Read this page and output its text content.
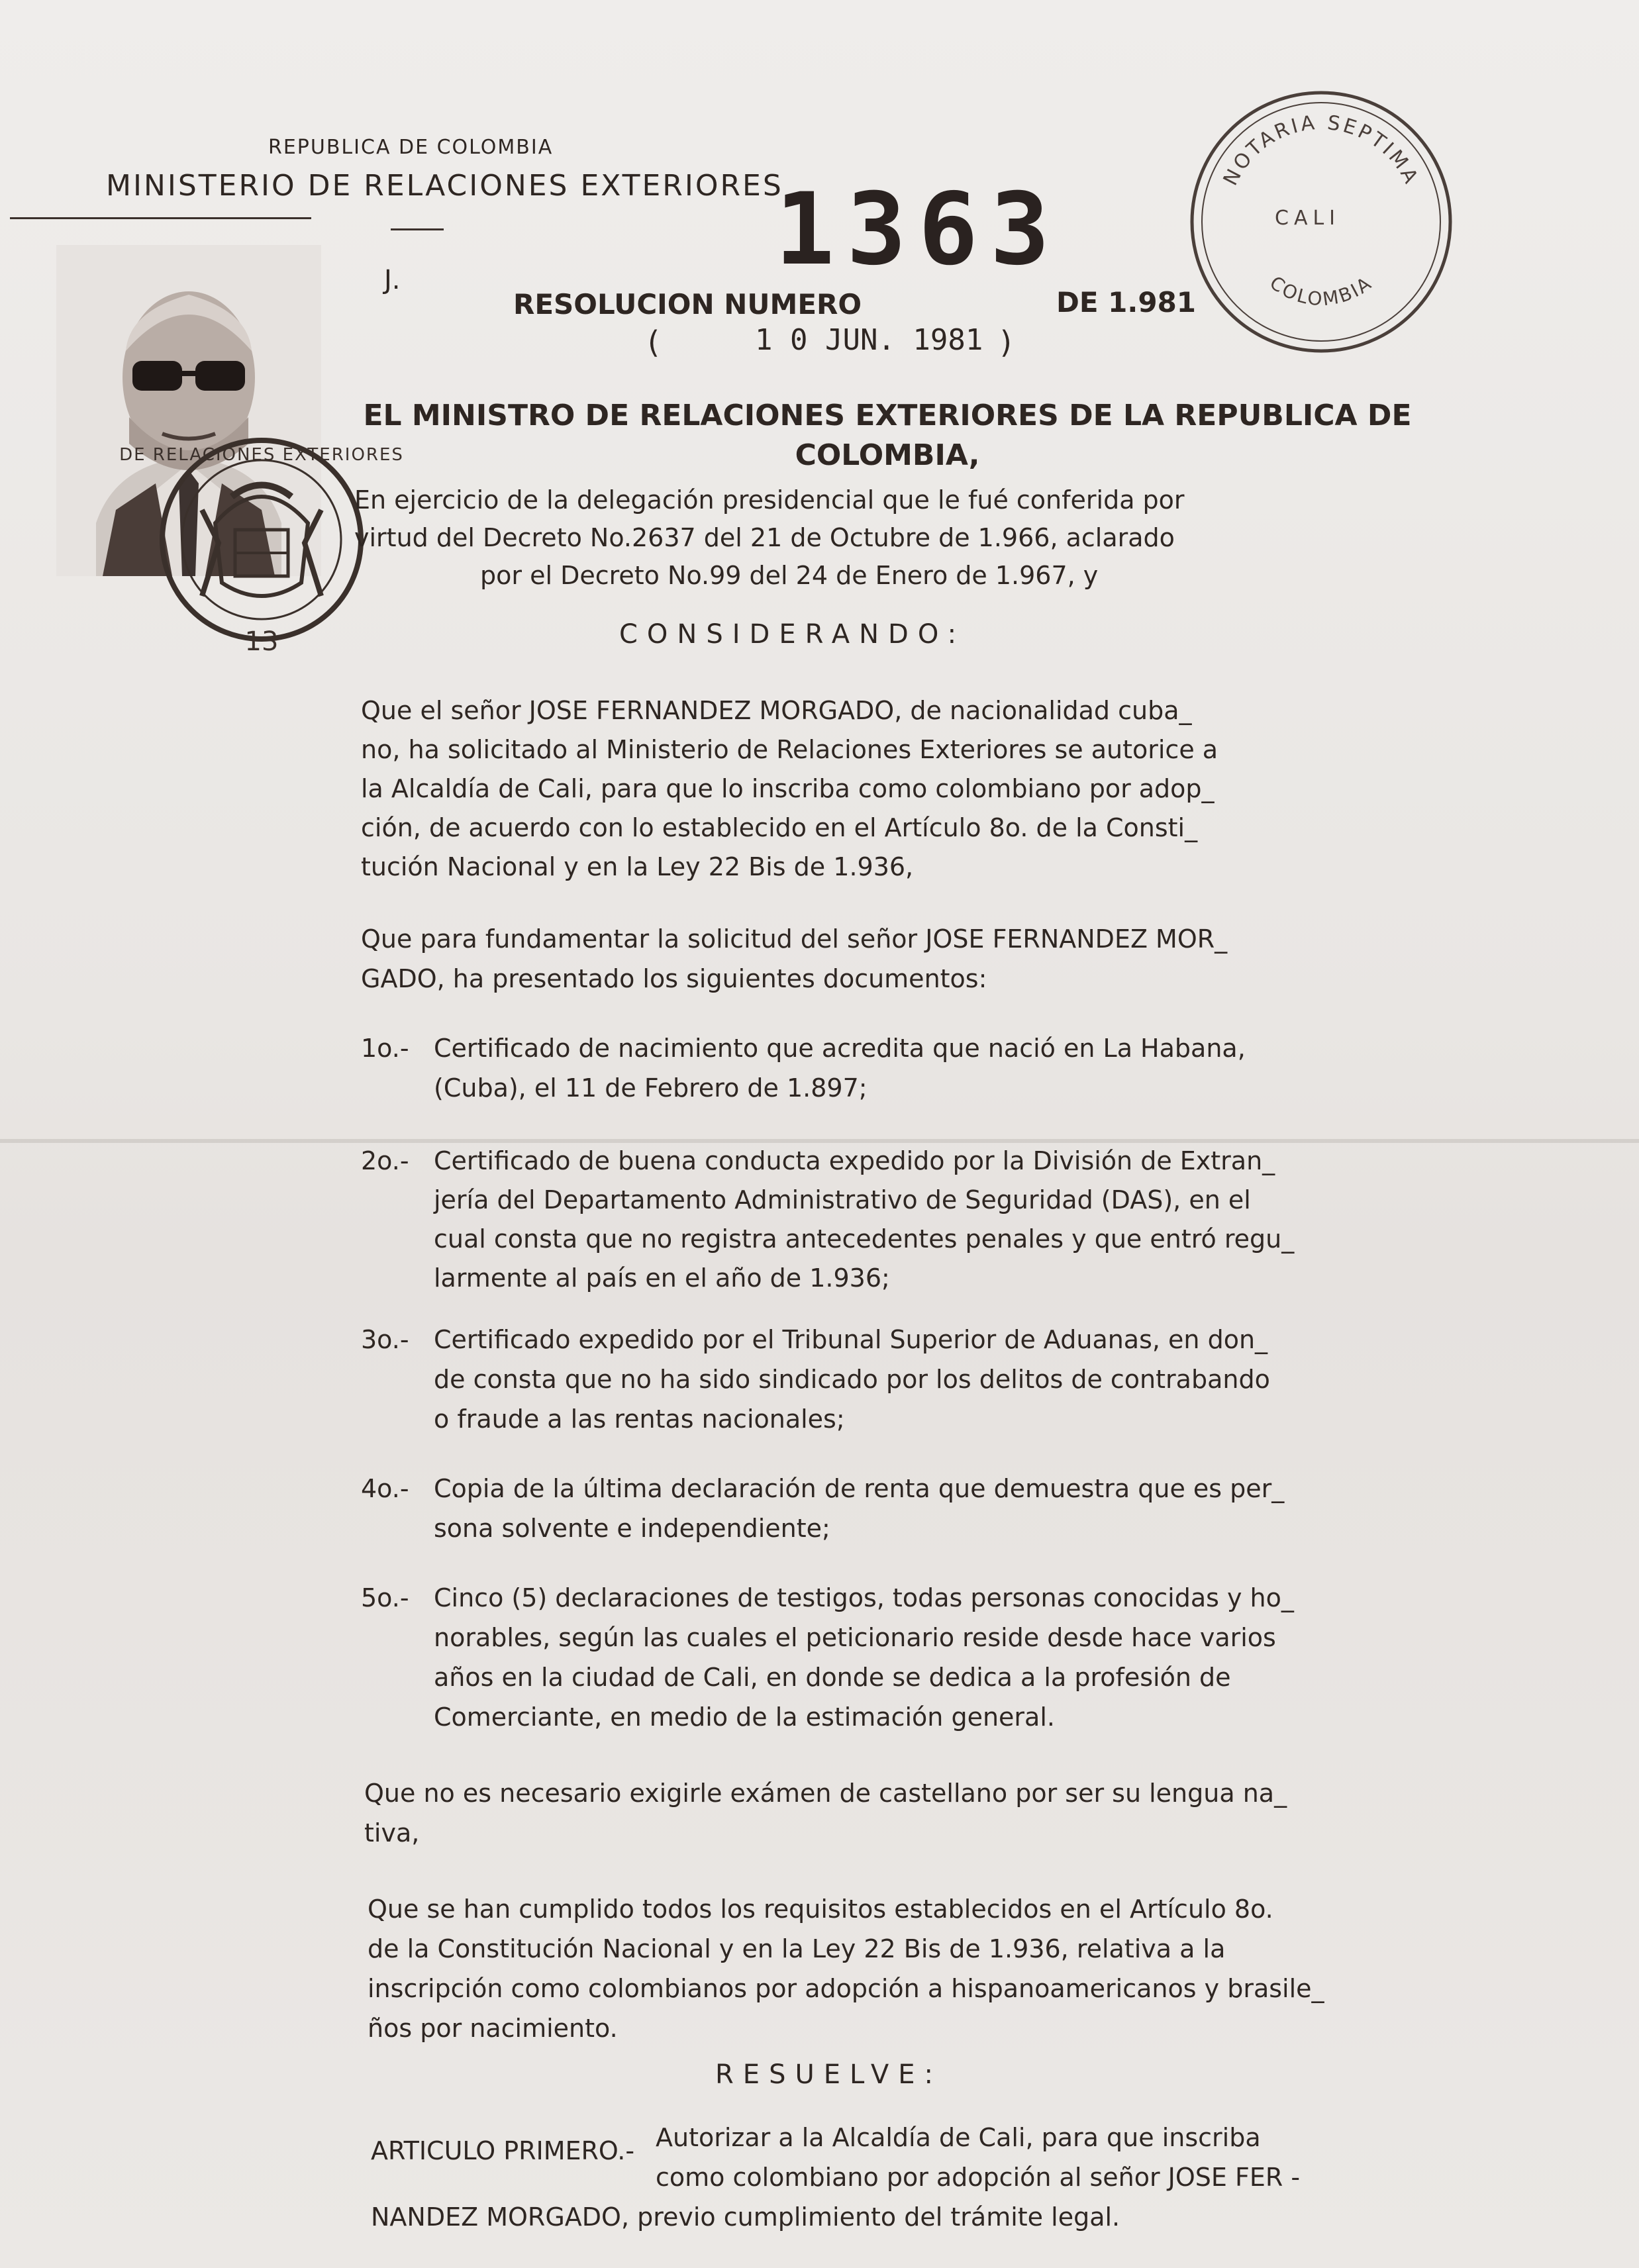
REPUBLICA DE COLOMBIA
MINISTERIO DE RELACIONES EXTERIORES
J.	1363
RESOLUCION NUMERO	DE 1.981
(	1 0 JUN. 1981 )
13
DE RELACIONES EXTERIORES
NOTARIA SEPTIMA
COLOMBIA
CALI
EL MINISTRO DE RELACIONES EXTERIORES DE LA REPUBLICA DE
COLOMBIA,
En ejercicio de la delegación presidencial que le fué conferida por
virtud del Decreto No.2637 del 21 de Octubre de 1.966, aclarado
por el Decreto No.99 del 24 de Enero de 1.967, y
CONSIDERANDO:
Que el señor JOSE FERNANDEZ MORGADO, de nacionalidad cuba_
no, ha solicitado al Ministerio de Relaciones Exteriores se autorice a
la Alcaldía de Cali, para que lo inscriba como colombiano por adop_
ción, de acuerdo con lo establecido en el Artículo 8o. de la Consti_
tución Nacional y en la Ley 22 Bis de 1.936,
Que para fundamentar la solicitud del señor JOSE FERNANDEZ MOR_
GADO, ha presentado los siguientes documentos:
1o.- Certificado de nacimiento que acredita que nació en La Habana,
(Cuba), el 11 de Febrero de 1.897;
2o.- Certificado de buena conducta expedido por la División de Extran_
jería del Departamento Administrativo de Seguridad (DAS), en el
cual consta que no registra antecedentes penales y que entró regu_
larmente al país en el año de 1.936;
3o.- Certificado expedido por el Tribunal Superior de Aduanas, en don_
de consta que no ha sido sindicado por los delitos de contrabando
o fraude a las rentas nacionales;
4o.- Copia de la última declaración de renta que demuestra que es per_
sona solvente e independiente;
5o.- Cinco (5) declaraciones de testigos, todas personas conocidas y ho_
norables, según las cuales el peticionario reside desde hace varios
años en la ciudad de Cali, en donde se dedica a la profesión de
Comerciante, en medio de la estimación general.
Que no es necesario exigirle exámen de castellano por ser su lengua na_
tiva,
Que se han cumplido todos los requisitos establecidos en el Artículo 8o.
de la Constitución Nacional y en la Ley 22 Bis de 1.936, relativa a la
inscripción como colombianos por adopción a hispanoamericanos y brasile_
ños por nacimiento.
RESUELVE:
ARTICULO PRIMERO.- Autorizar a la Alcaldía de Cali, para que inscriba
como colombiano por adopción al señor JOSE FER -
NANDEZ MORGADO, previo cumplimiento del trámite legal.
